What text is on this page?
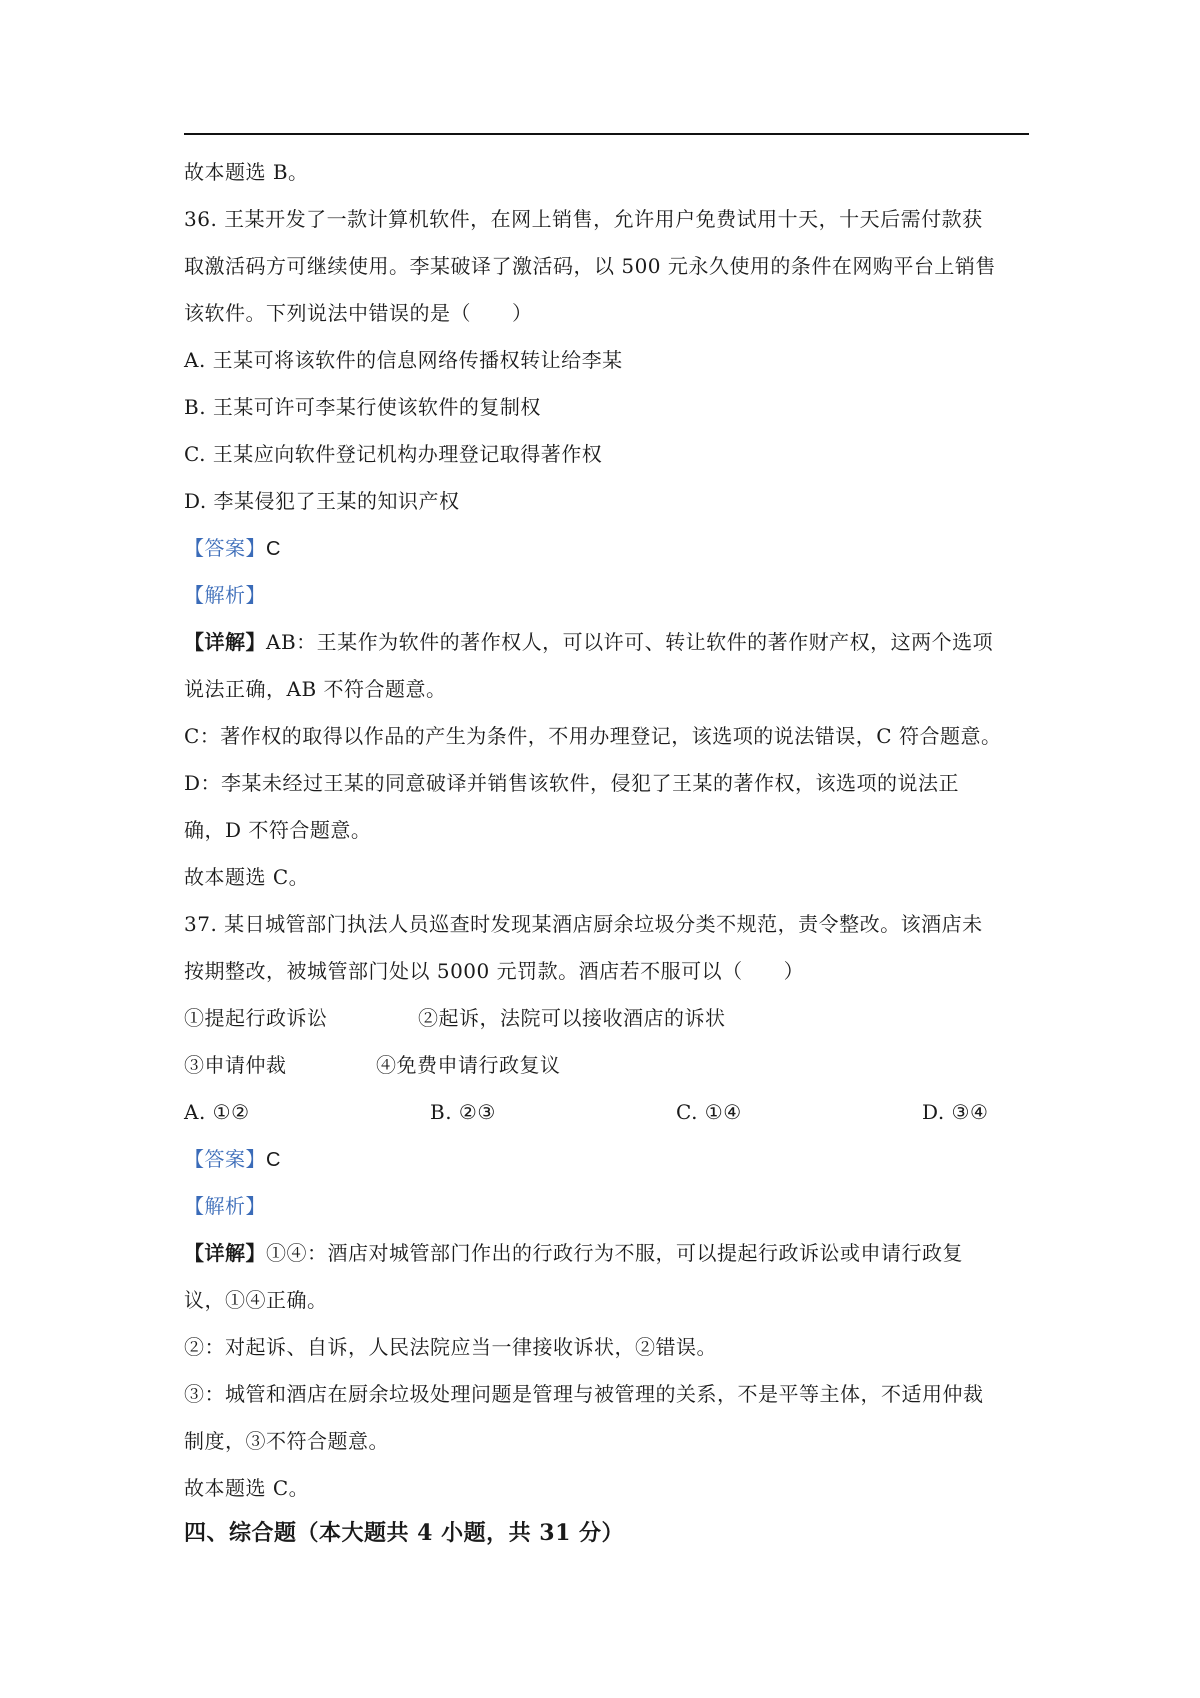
故本题选 B。
36. 王某开发了一款计算机软件，在网上销售，允许用户免费试用十天，十天后需付款获
取激活码方可继续使用。李某破译了激活码，以 500 元永久使用的条件在网购平台上销售
该软件。下列说法中错误的是（　　）
A. 王某可将该软件的信息网络传播权转让给李某
B. 王某可许可李某行使该软件的复制权
C. 王某应向软件登记机构办理登记取得著作权
D. 李某侵犯了王某的知识产权
【答案】C
【解析】
【详解】AB：王某作为软件的著作权人，可以许可、转让软件的著作财产权，这两个选项
说法正确，AB 不符合题意。
C：著作权的取得以作品的产生为条件，不用办理登记，该选项的说法错误，C 符合题意。
D：李某未经过王某的同意破译并销售该软件，侵犯了王某的著作权，该选项的说法正
确，D 不符合题意。
故本题选 C。
37. 某日城管部门执法人员巡查时发现某酒店厨余垃圾分类不规范，责令整改。该酒店未
按期整改，被城管部门处以 5000 元罚款。酒店若不服可以（　　）
①提起行政诉讼	②起诉，法院可以接收酒店的诉状
③申请仲裁	④免费申请行政复议
A. ①②	B. ②③	C. ①④	D. ③④
【答案】C
【解析】
【详解】①④：酒店对城管部门作出的行政行为不服，可以提起行政诉讼或申请行政复
议，①④正确。
②：对起诉、自诉，人民法院应当一律接收诉状，②错误。
③：城管和酒店在厨余垃圾处理问题是管理与被管理的关系，不是平等主体，不适用仲裁
制度，③不符合题意。
故本题选 C。
四、综合题（本大题共 4 小题，共 31 分）
